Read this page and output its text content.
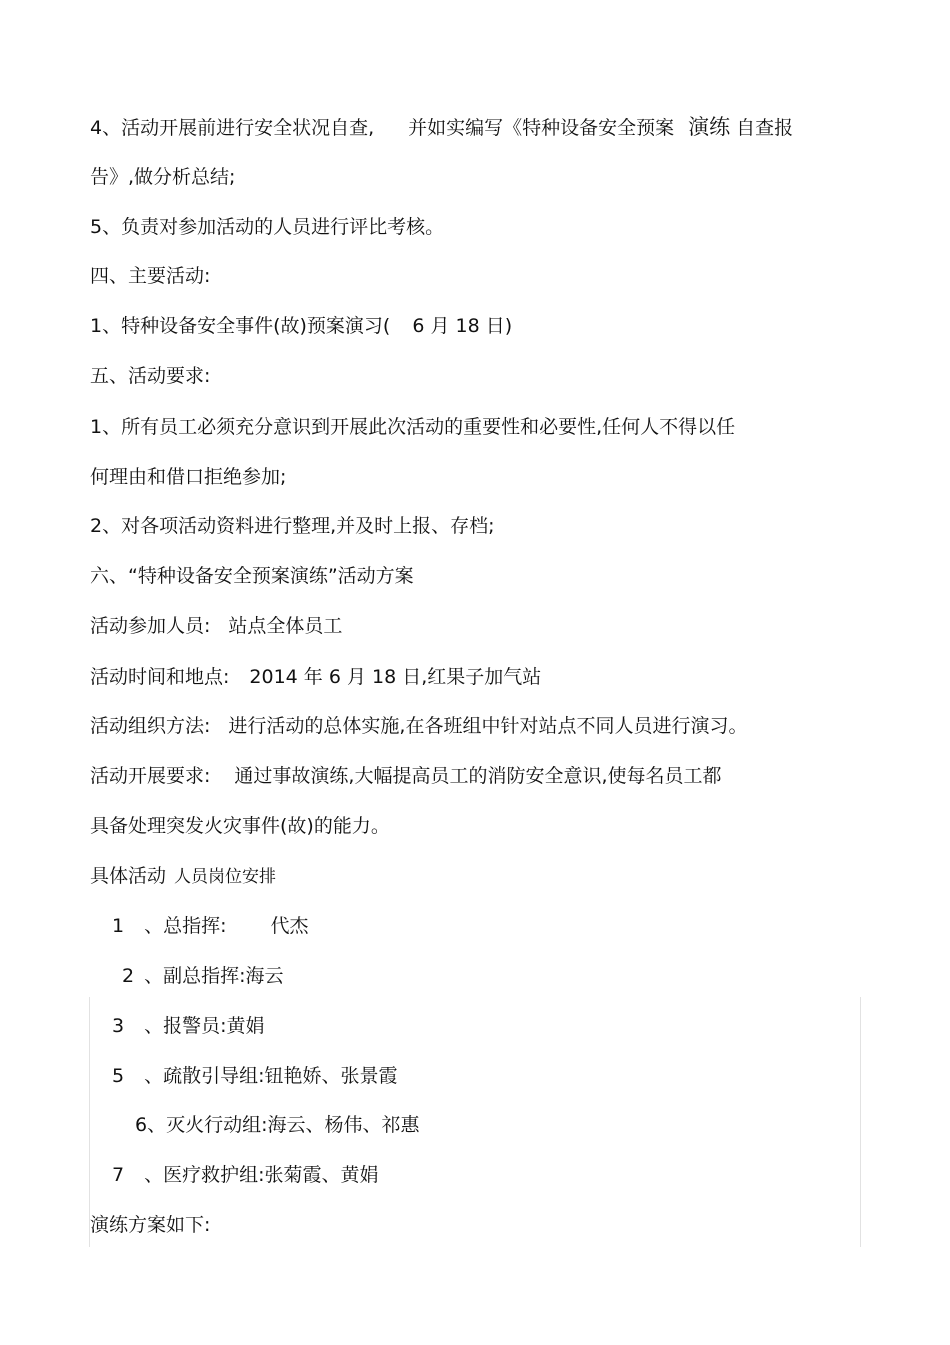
4、活动开展前进行安全状况自查, 并如实编写《特种设备安全预案 演练 自查报

告》,做分析总结;

5、负责对参加活动的人员进行评比考核。

四、主要活动:

1、特种设备安全事件(故)预案演习( 6 月 18 日)

五、活动要求:

1、所有员工必须充分意识到开展此次活动的重要性和必要性,任何人不得以任

何理由和借口拒绝参加;

2、对各项活动资料进行整理,并及时上报、存档;

六、“特种设备安全预案演练”活动方案

活动参加人员: 站点全体员工

活动时间和地点: 2014 年 6 月 18 日,红果子加气站

活动组织方法: 进行活动的总体实施,在各班组中针对站点不同人员进行演习。

活动开展要求: 通过事故演练,大幅提高员工的消防安全意识,使每名员工都

具备处理突发火灾事件(故)的能力。

具体活动 人员岗位安排

1 、总指挥: 代杰

2 、副总指挥:海云

3 、报警员:黄娟

5 、疏散引导组:钮艳娇、张景霞

6、灭火行动组:海云、杨伟、祁惠

7 、医疗救护组:张菊霞、黄娟

演练方案如下:
